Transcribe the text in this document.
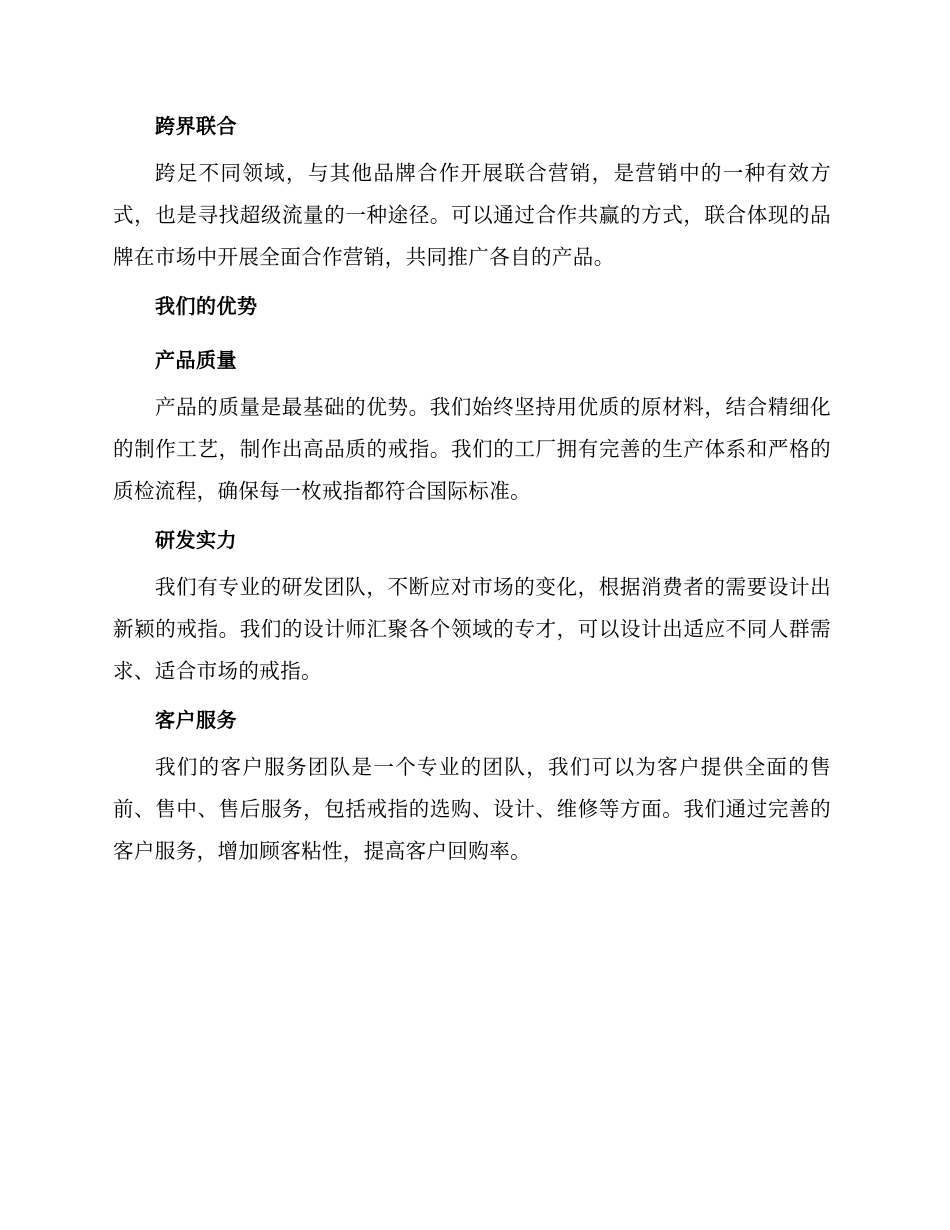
跨界联合

跨足不同领域，与其他品牌合作开展联合营销，是营销中的一种有效方式，也是寻找超级流量的一种途径。可以通过合作共赢的方式，联合体现的品牌在市场中开展全面合作营销，共同推广各自的产品。

我们的优势
产品质量

产品的质量是最基础的优势。我们始终坚持用优质的原材料，结合精细化的制作工艺，制作出高品质的戒指。我们的工厂拥有完善的生产体系和严格的质检流程，确保每一枚戒指都符合国际标准。

研发实力

我们有专业的研发团队，不断应对市场的变化，根据消费者的需要设计出新颖的戒指。我们的设计师汇聚各个领域的专才，可以设计出适应不同人群需求、适合市场的戒指。

客户服务

我们的客户服务团队是一个专业的团队，我们可以为客户提供全面的售前、售中、售后服务，包括戒指的选购、设计、维修等方面。我们通过完善的客户服务，增加顾客粘性，提高客户回购率。
